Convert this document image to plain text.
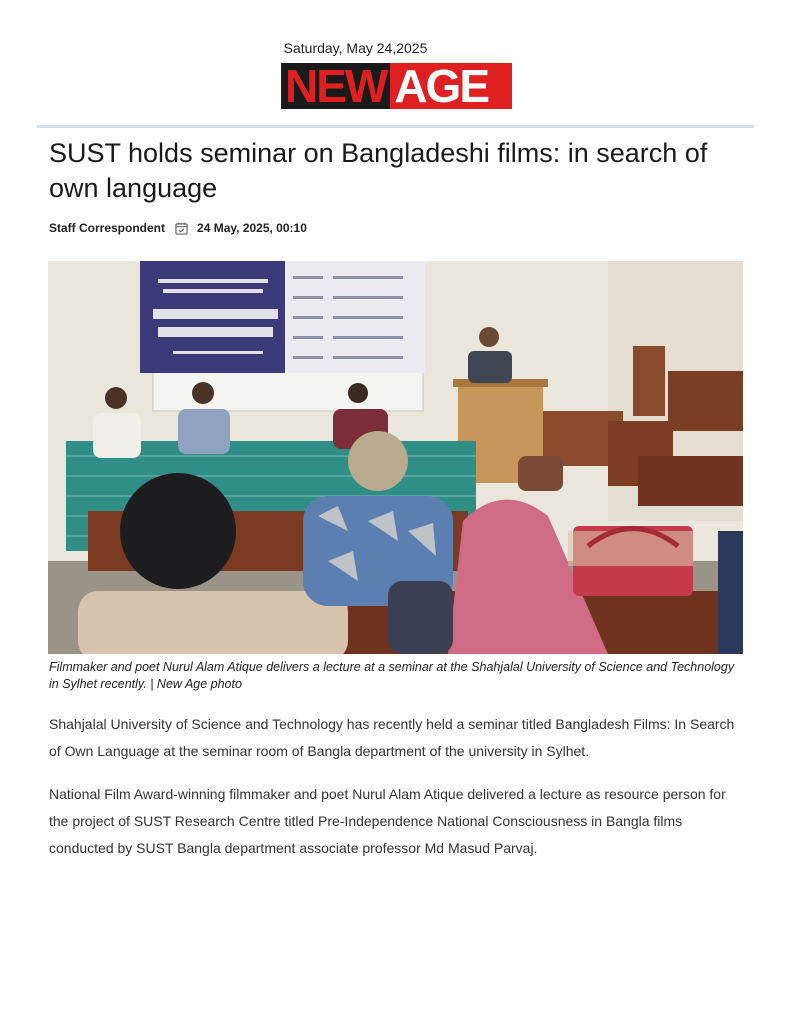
Saturday, May 24,2025
NEW AGE
SUST holds seminar on Bangladeshi films: in search of own language
Staff Correspondent	24 May, 2025, 00:10
Filmmaker and poet Nurul Alam Atique delivers a lecture at a seminar at the Shahjalal University of Science and Technology in Sylhet recently. | New Age photo

Shahjalal University of Science and Technology has recently held a seminar titled Bangladesh Films: In Search of Own Language at the seminar room of Bangla department of the university in Sylhet.

National Film Award-winning filmmaker and poet Nurul Alam Atique delivered a lecture as resource person for the project of SUST Research Centre titled Pre-Independence National Consciousness in Bangla films conducted by SUST Bangla department associate professor Md Masud Parvaj.
